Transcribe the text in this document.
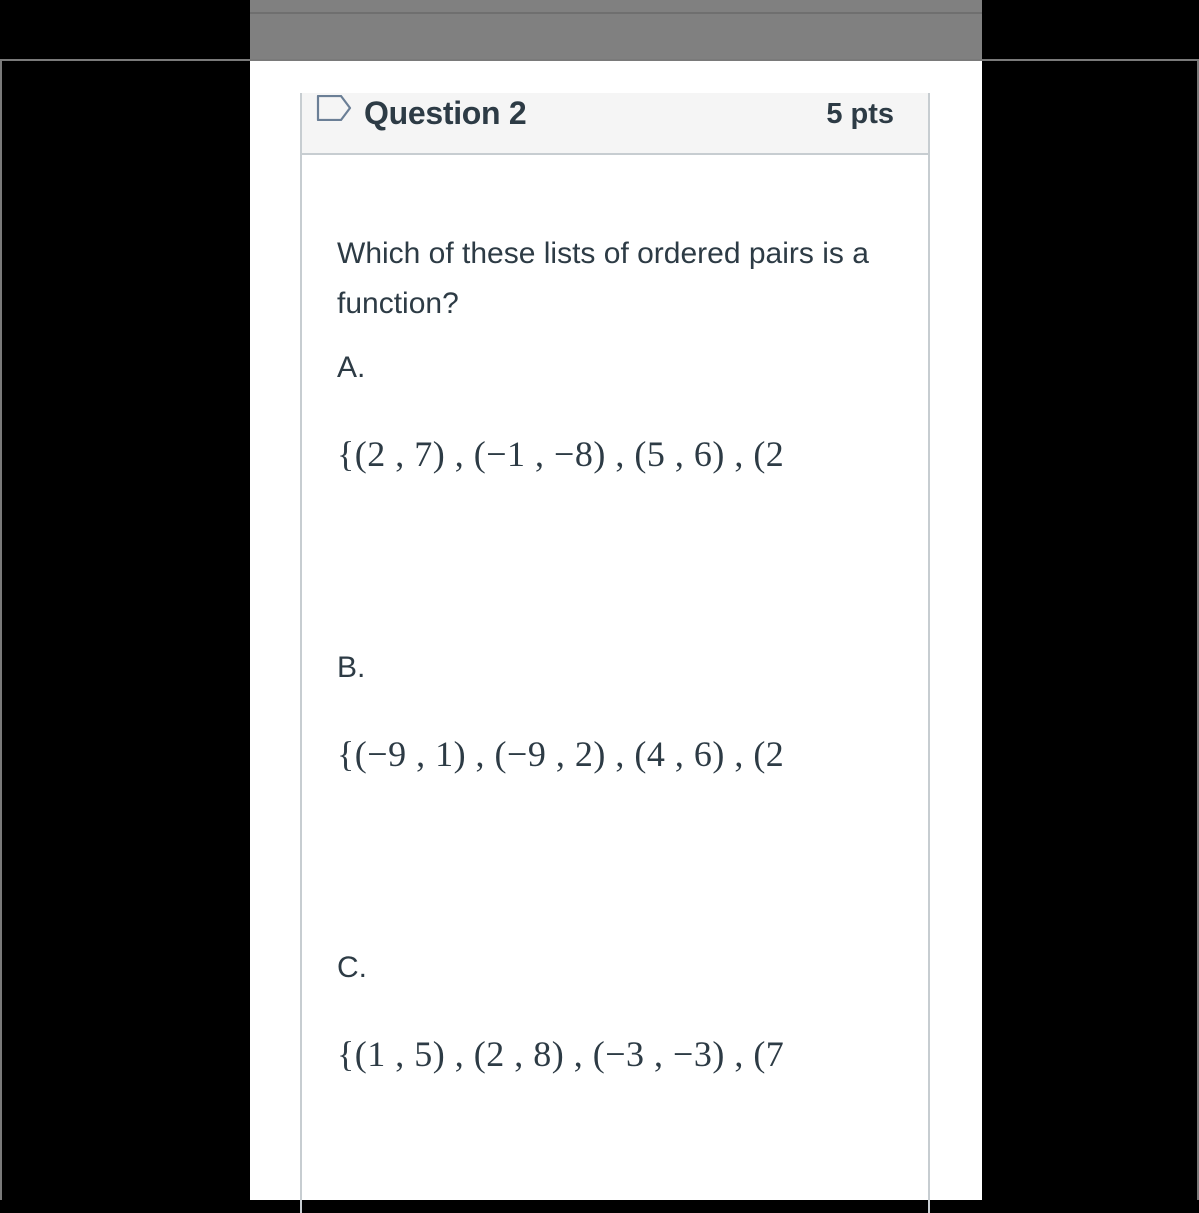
Question 2	5 pts
Which of these lists of ordered pairs is a function?
A.
{(2 , 7) , (−1 , −8) , (5 , 6) , (2
B.
{(−9 , 1) , (−9 , 2) , (4 , 6) , (2
C.
{(1 , 5) , (2 , 8) , (−3 , −3) , (7
